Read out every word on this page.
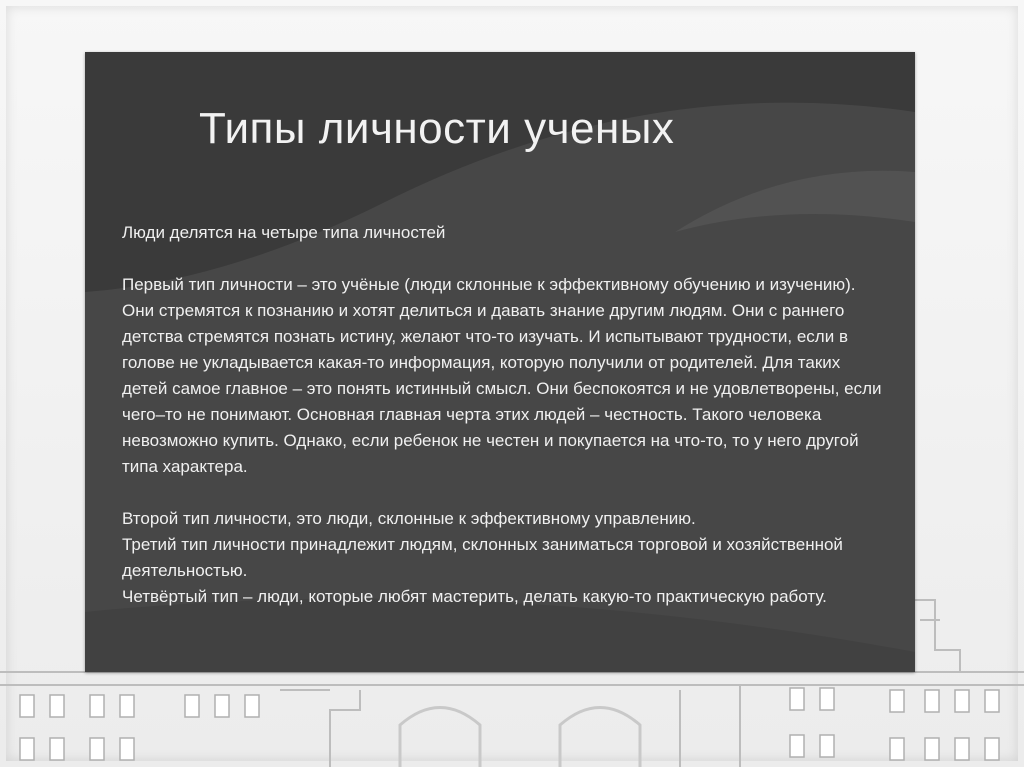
Типы личности ученых

Люди делятся на четыре типа личностей

Первый тип личности – это учёные (люди склонные к эффективному обучению и изучению). Они стремятся к познанию и хотят делиться и давать знание другим людям. Они с раннего детства стремятся познать истину, желают что-то изучать. И испытывают трудности, если в голове не укладывается какая-то информация, которую получили от родителей. Для таких детей самое главное – это понять истинный смысл. Они беспокоятся и не удовлетворены, если чего–то не понимают. Основная главная черта этих людей – честность. Такого человека невозможно купить. Однако, если ребенок не честен и покупается на что-то, то у него другой типа характера.

Второй тип личности, это люди, склонные к эффективному управлению.

Третий тип личности принадлежит людям, склонных заниматься торговой и хозяйственной деятельностью.

Четвёртый тип – люди, которые любят мастерить, делать какую-то практическую работу.
